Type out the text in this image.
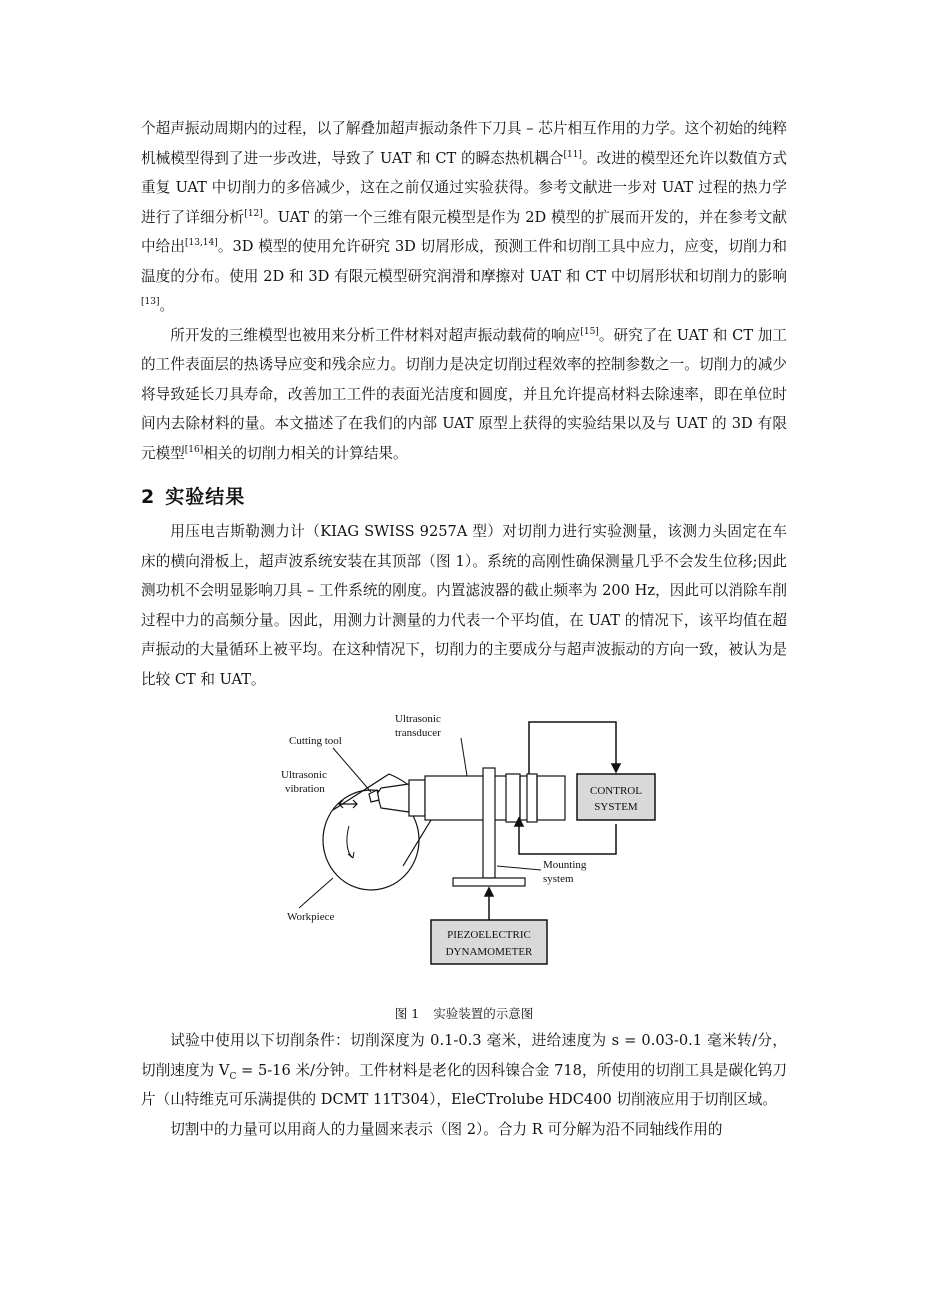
个超声振动周期内的过程，以了解叠加超声振动条件下刀具 – 芯片相互作用的力学。这个初始的纯粹机械模型得到了进一步改进，导致了 UAT 和 CT 的瞬态热机耦合[11]。改进的模型还允许以数值方式重复 UAT 中切削力的多倍减少，这在之前仅通过实验获得。参考文献进一步对 UAT 过程的热力学进行了详细分析[12]。UAT 的第一个三维有限元模型是作为 2D 模型的扩展而开发的，并在参考文献中给出[13,14]。3D 模型的使用允许研究 3D 切屑形成，预测工件和切削工具中应力，应变，切削力和温度的分布。使用 2D 和 3D 有限元模型研究润滑和摩擦对 UAT 和 CT 中切屑形状和切削力的影响[13]。

所开发的三维模型也被用来分析工件材料对超声振动载荷的响应[15]。研究了在 UAT 和 CT 加工的工件表面层的热诱导应变和残余应力。切削力是决定切削过程效率的控制参数之一。切削力的减少将导致延长刀具寿命，改善加工工件的表面光洁度和圆度，并且允许提高材料去除速率，即在单位时间内去除材料的量。本文描述了在我们的内部 UAT 原型上获得的实验结果以及与 UAT 的 3D 有限元模型[16]相关的切削力相关的计算结果。

2 实验结果

用压电吉斯勒测力计（KIAG SWISS 9257A 型）对切削力进行实验测量，该测力头固定在车床的横向滑板上，超声波系统安装在其顶部（图 1）。系统的高刚性确保测量几乎不会发生位移;因此测功机不会明显影响刀具 – 工件系统的刚度。内置滤波器的截止频率为 200 Hz，因此可以消除车削过程中力的高频分量。因此，用测力计测量的力代表一个平均值，在 UAT 的情况下，该平均值在超声振动的大量循环上被平均。在这种情况下，切削力的主要成分与超声波振动的方向一致，被认为是比较 CT 和 UAT。

CONTROL
SYSTEM
PIEZOELECTRIC
DYNAMOMETER
Cutting tool
Ultrasonic
vibration
Ultrasonic
transducer
Mounting
system
Workpiece
图 1 实验装置的示意图

试验中使用以下切削条件：切削深度为 0.1-0.3 毫米，进给速度为 s = 0.03-0.1 毫米转/分，切削速度为 $V_C = 5-16$ 米/分钟。工件材料是老化的因科镍合金 718，所使用的切削工具是碳化钨刀片（山特维克可乐满提供的 DCMT 11T304），EleCTrolube HDC400 切削液应用于切削区域。

切割中的力量可以用商人的力量圆来表示（图 2）。合力 R 可分解为沿不同轴线作用的
